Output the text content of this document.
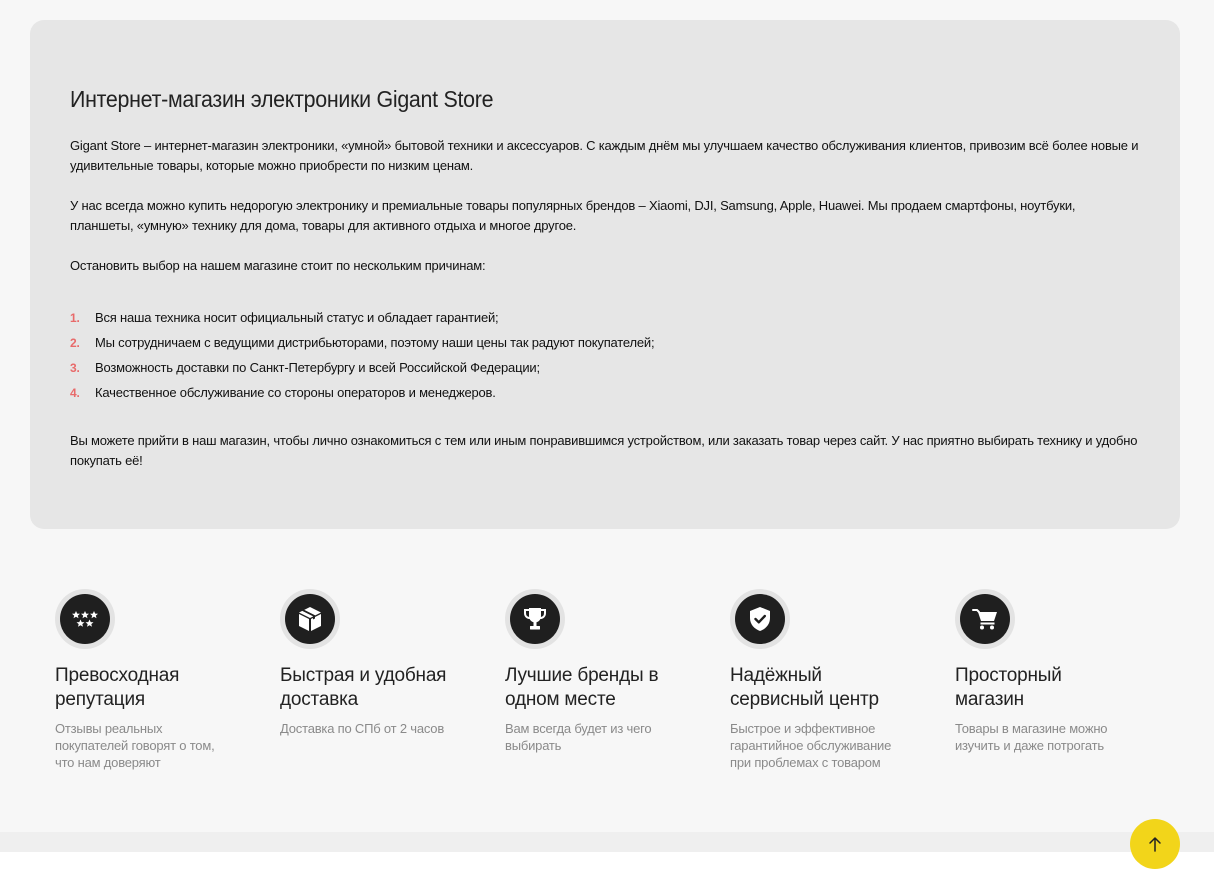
Интернет-магазин электроники Gigant Store

Gigant Store – интернет-магазин электроники, «умной» бытовой техники и аксессуаров. С каждым днём мы улучшаем качество обслуживания клиентов, привозим всё более новые и удивительные товары, которые можно приобрести по низким ценам.

У нас всегда можно купить недорогую электронику и премиальные товары популярных брендов – Xiaomi, DJI, Samsung, Apple, Huawei. Мы продаем смартфоны, ноутбуки, планшеты, «умную» технику для дома, товары для активного отдыха и многое другое.

Остановить выбор на нашем магазине стоит по нескольким причинам:

1.	Вся наша техника носит официальный статус и обладает гарантией;
2.	Мы сотрудничаем с ведущими дистрибьюторами, поэтому наши цены так радуют покупателей;
3.	Возможность доставки по Санкт-Петербургу и всей Российской Федерации;
4.	Качественное обслуживание со стороны операторов и менеджеров.

Вы можете прийти в наш магазин, чтобы лично ознакомиться с тем или иным понравившимся устройством, или заказать товар через сайт. У нас приятно выбирать технику и удобно покупать её!

Превосходная
репутация
Отзывы реальных
покупателей говорят о том,
что нам доверяют
Быстрая и удобная
доставка
Доставка по СПб от 2 часов
Лучшие бренды в
одном месте
Вам всегда будет из чего
выбирать
Надёжный
сервисный центр
Быстрое и эффективное
гарантийное обслуживание
при проблемах с товаром
Просторный
магазин
Товары в магазине можно
изучить и даже потрогать
